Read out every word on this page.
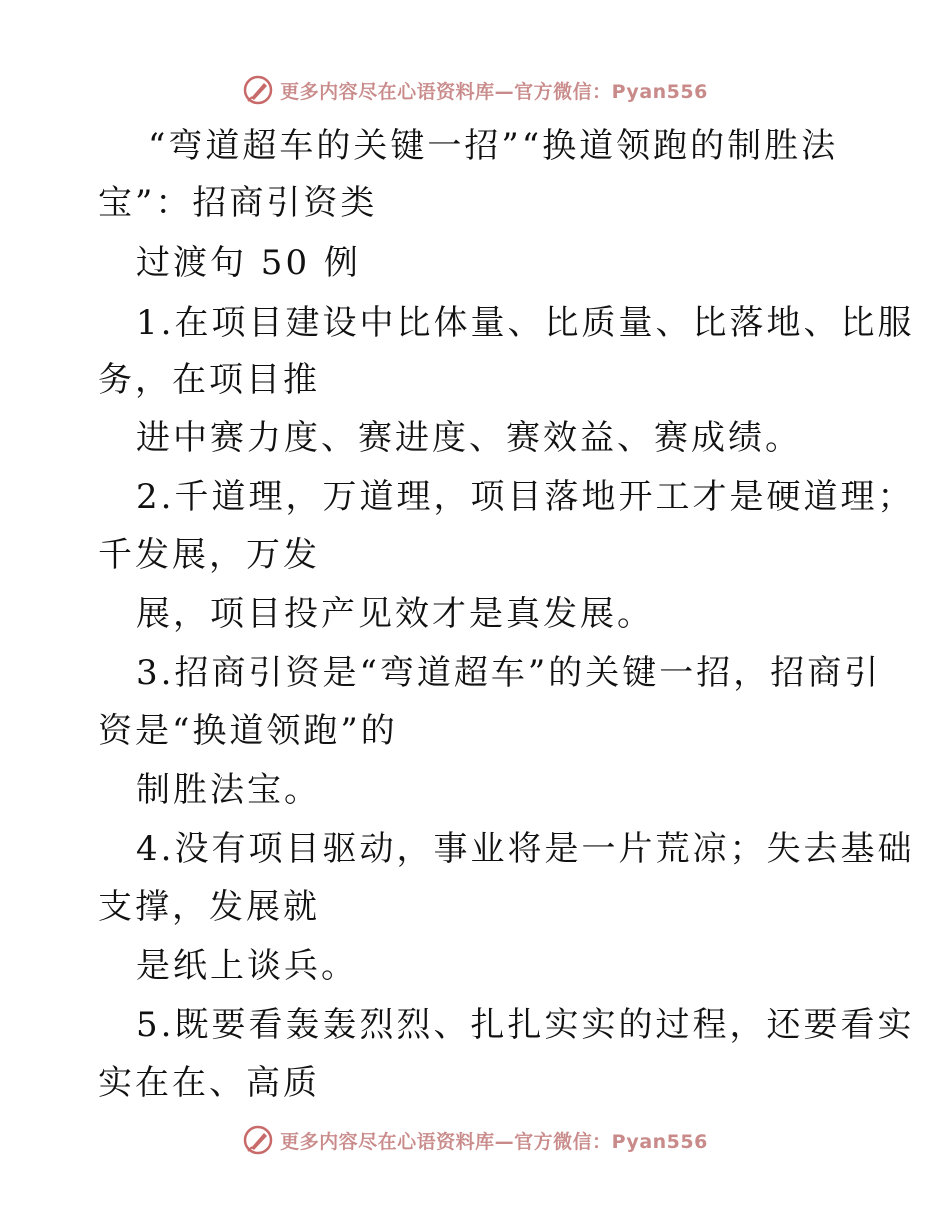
更多内容尽在心语资料库—官方微信：Pyan556
“弯道超车的关键一招”“换道领跑的制胜法
宝”：招商引资类
过渡句 50 例
1.在项目建设中比体量、比质量、比落地、比服
务，在项目推
进中赛力度、赛进度、赛效益、赛成绩。
2.千道理，万道理，项目落地开工才是硬道理；
千发展，万发
展，项目投产见效才是真发展。
3.招商引资是“弯道超车”的关键一招，招商引
资是“换道领跑”的
制胜法宝。
4.没有项目驱动，事业将是一片荒凉；失去基础
支撑，发展就
是纸上谈兵。
5.既要看轰轰烈烈、扎扎实实的过程，还要看实
实在在、高质
更多内容尽在心语资料库—官方微信：Pyan556
